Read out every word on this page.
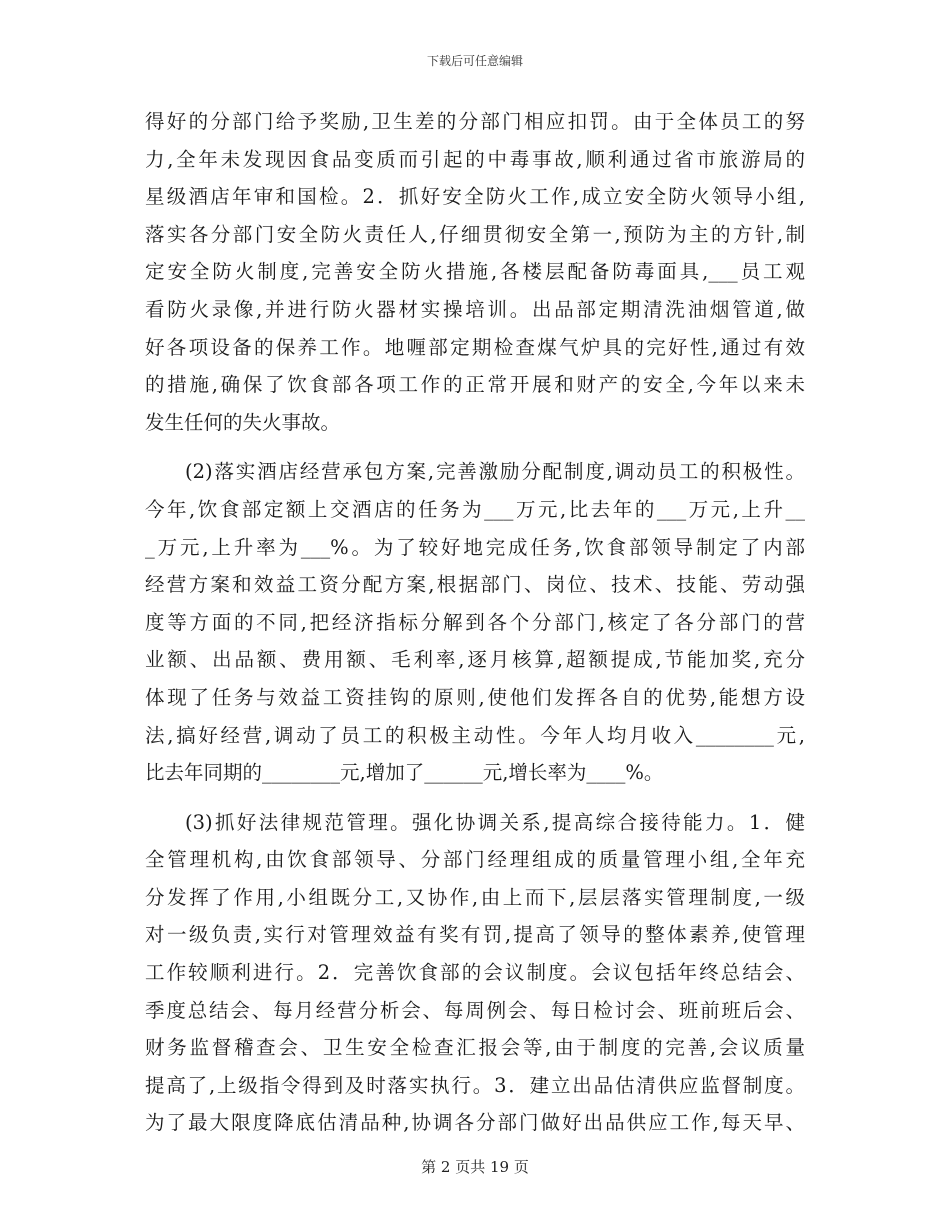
下载后可任意编辑
得好的分部门给予奖励,卫生差的分部门相应扣罚。由于全体员工的努
力,全年未发现因食品变质而引起的中毒事故,顺利通过省市旅游局的
星级酒店年审和国检。2．抓好安全防火工作,成立安全防火领导小组,
落实各分部门安全防火责任人,仔细贯彻安全第一,预防为主的方针,制
定安全防火制度,完善安全防火措施,各楼层配备防毒面具,___员工观
看防火录像,并进行防火器材实操培训。出品部定期清洗油烟管道,做
好各项设备的保养工作。地喱部定期检查煤气炉具的完好性,通过有效
的措施,确保了饮食部各项工作的正常开展和财产的安全,今年以来未
发生任何的失火事故。
(2)落实酒店经营承包方案,完善激励分配制度,调动员工的积极性。
今年,饮食部定额上交酒店的任务为___万元,比去年的___万元,上升__
_万元,上升率为___%。为了较好地完成任务,饮食部领导制定了内部
经营方案和效益工资分配方案,根据部门、岗位、技术、技能、劳动强
度等方面的不同,把经济指标分解到各个分部门,核定了各分部门的营
业额、出品额、费用额、毛利率,逐月核算,超额提成,节能加奖,充分
体现了任务与效益工资挂钩的原则,使他们发挥各自的优势,能想方设
法,搞好经营,调动了员工的积极主动性。今年人均月收入________元,
比去年同期的________元,增加了______元,增长率为____%。
(3)抓好法律规范管理。强化协调关系,提高综合接待能力。1．健
全管理机构,由饮食部领导、分部门经理组成的质量管理小组,全年充
分发挥了作用,小组既分工,又协作,由上而下,层层落实管理制度,一级
对一级负责,实行对管理效益有奖有罚,提高了领导的整体素养,使管理
工作较顺利进行。2．完善饮食部的会议制度。会议包括年终总结会、
季度总结会、每月经营分析会、每周例会、每日检讨会、班前班后会、
财务监督稽查会、卫生安全检查汇报会等,由于制度的完善,会议质量
提高了,上级指令得到及时落实执行。3．建立出品估清供应监督制度。
为了最大限度降底估清品种,协调各分部门做好出品供应工作,每天早、
第 2 页共 19 页
